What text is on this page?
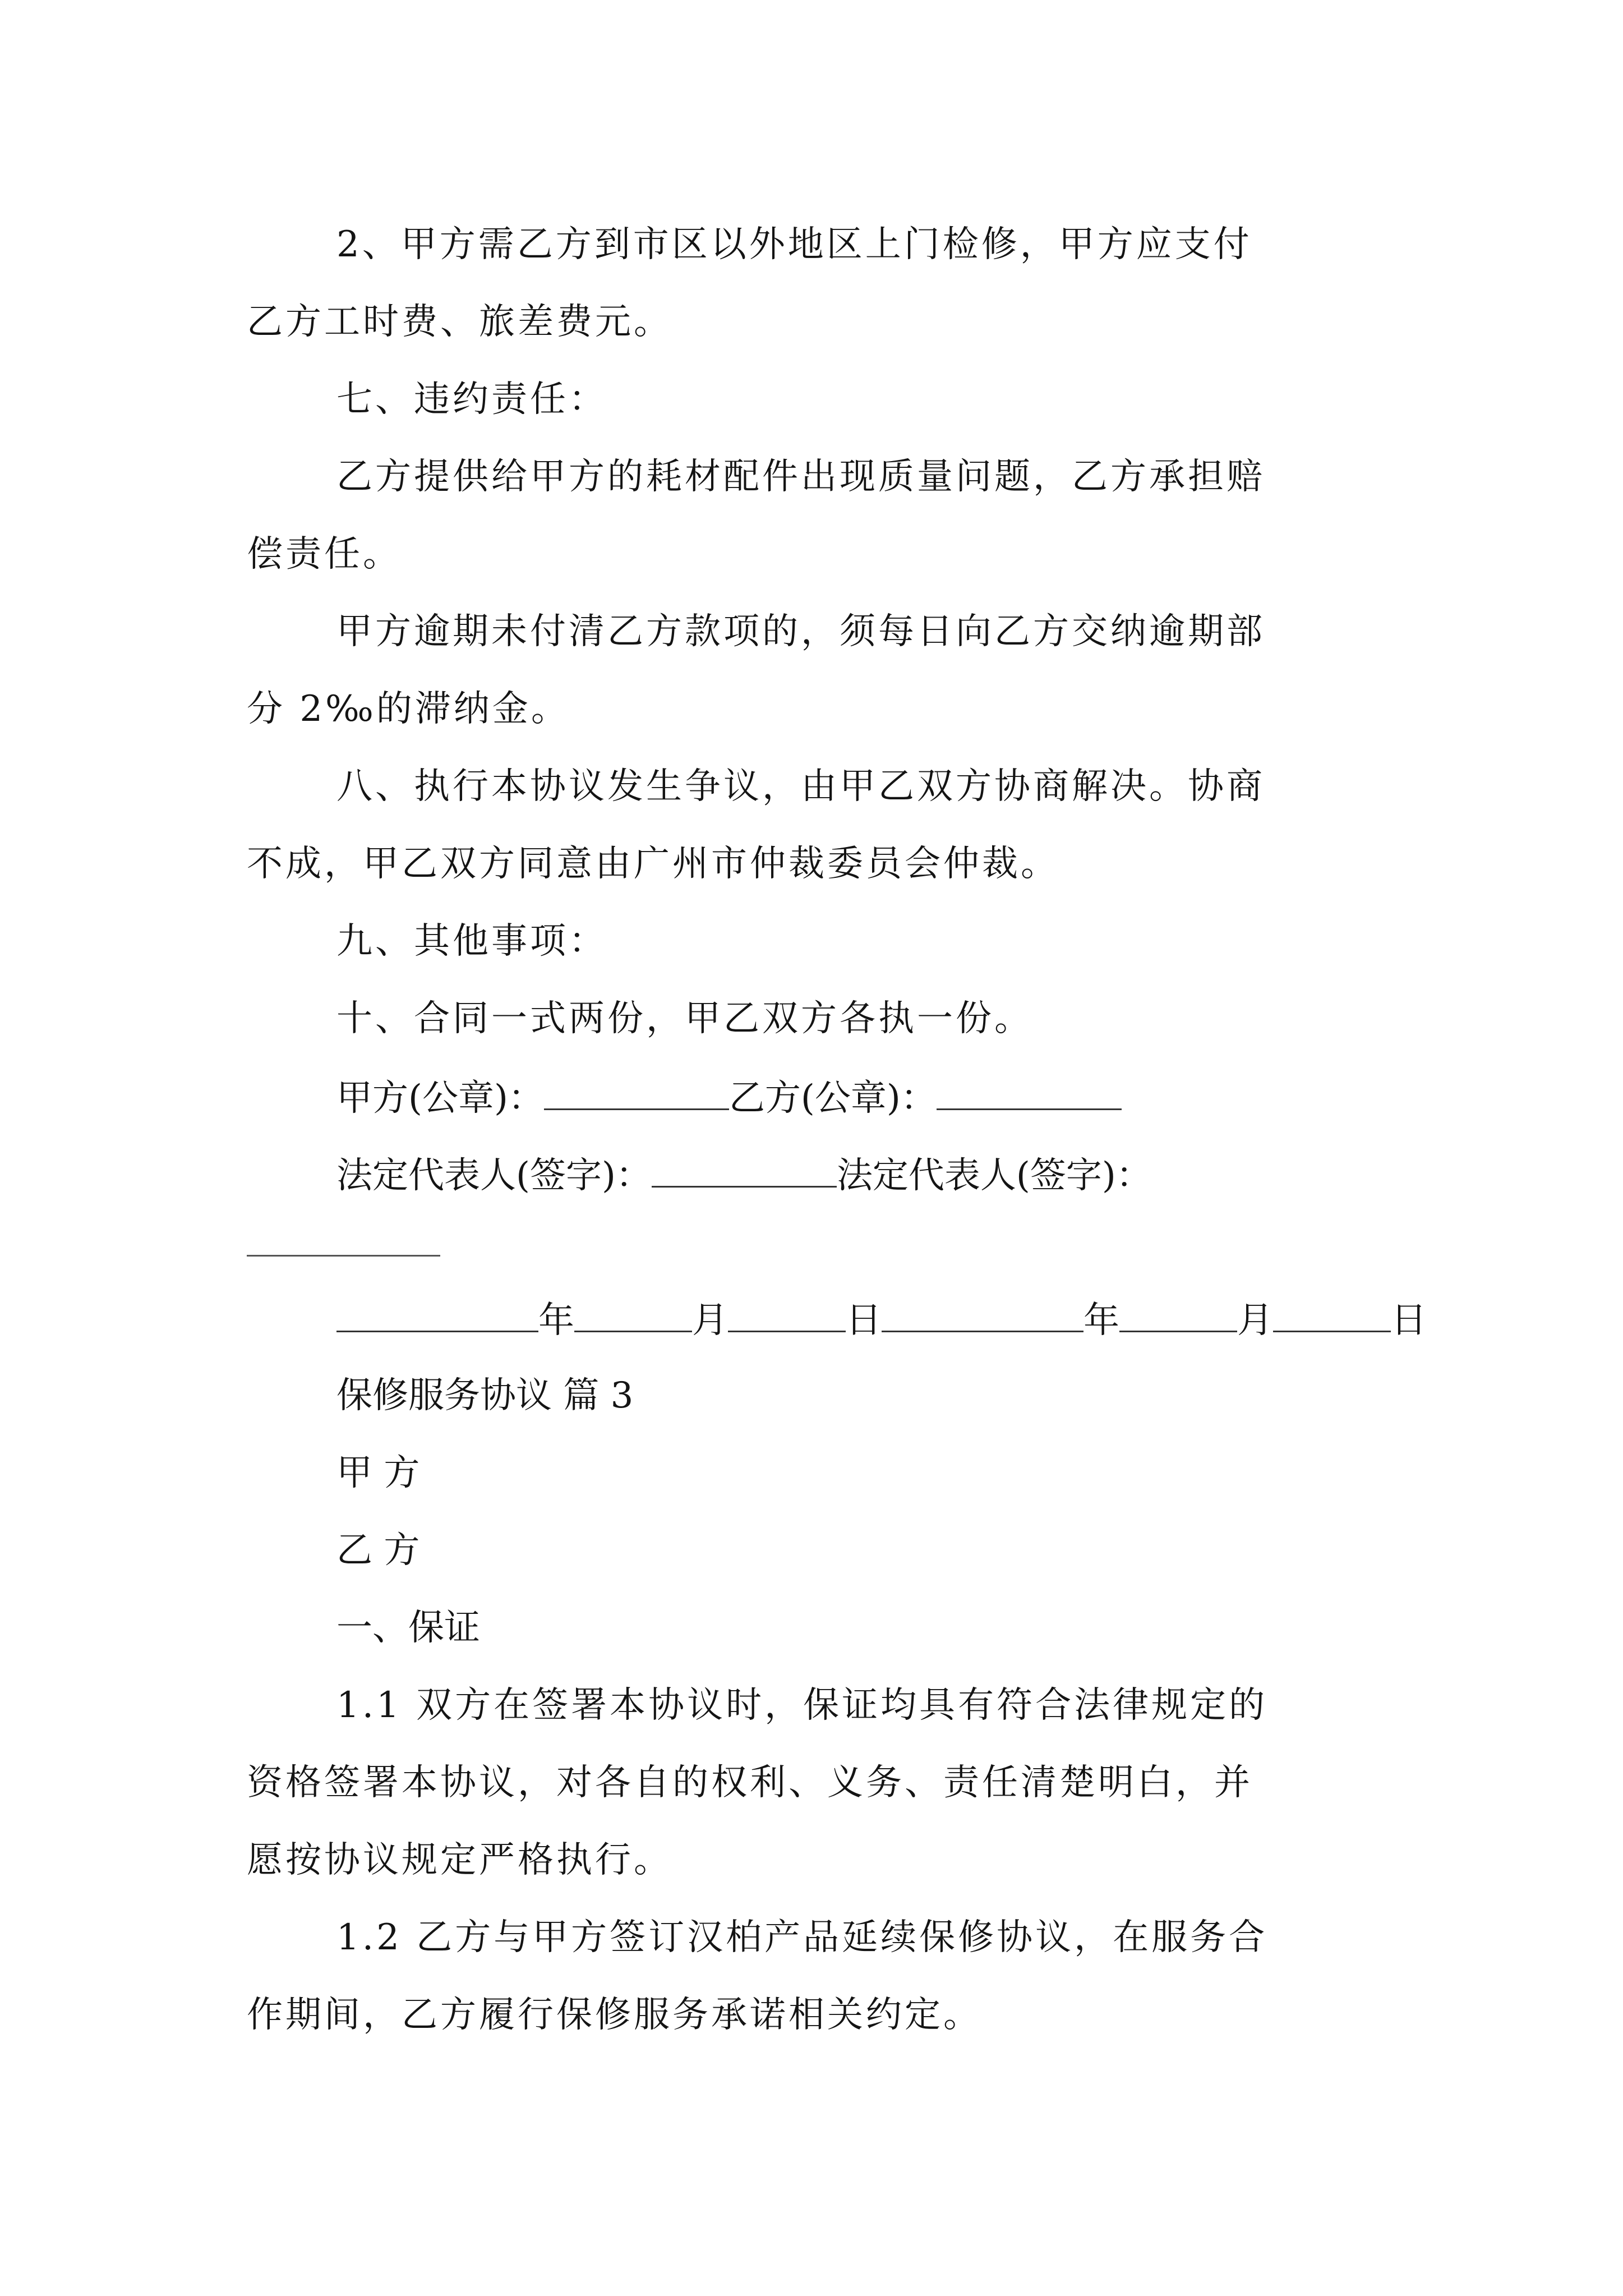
2、甲方需乙方到市区以外地区上门检修，甲方应支付
乙方工时费、旅差费元。
七、违约责任：
乙方提供给甲方的耗材配件出现质量问题，乙方承担赔
偿责任。
甲方逾期未付清乙方款项的，须每日向乙方交纳逾期部
分 2‰的滞纳金。
八、执行本协议发生争议，由甲乙双方协商解决。协商
不成，甲乙双方同意由广州市仲裁委员会仲裁。
九、其他事项：
十、合同一式两份，甲乙双方各执一份。
甲方(公章)：	乙方(公章)：
法定代表人(签字)：	法定代表人(签字)：
年	月	日	年	月	日
保修服务协议 篇 3
甲 方
乙 方
一、保证
1.1 双方在签署本协议时，保证均具有符合法律规定的
资格签署本协议，对各自的权利、义务、责任清楚明白，并
愿按协议规定严格执行。
1.2 乙方与甲方签订汉柏产品延续保修协议，在服务合
作期间，乙方履行保修服务承诺相关约定。
